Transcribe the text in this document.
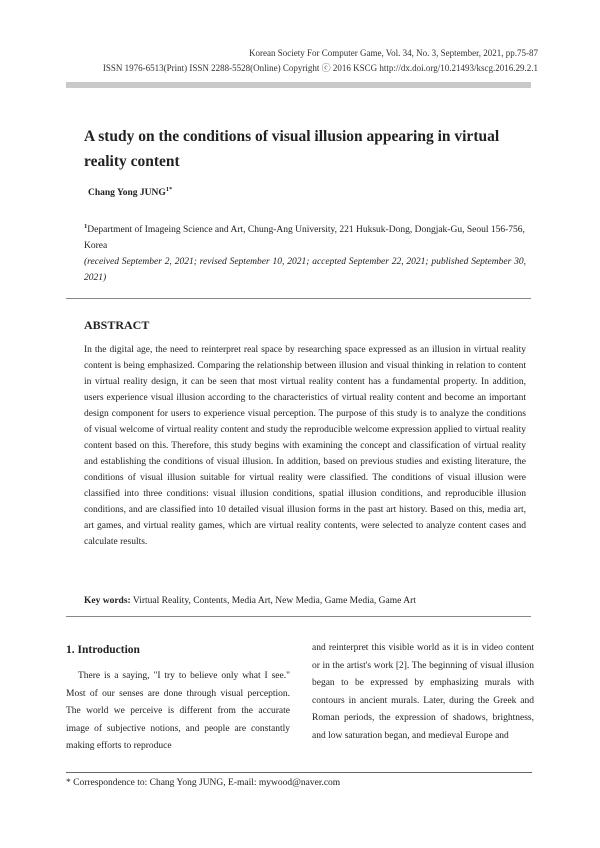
Korean Society For Computer Game, Vol. 34, No. 3, September, 2021, pp.75-87
ISSN 1976-6513(Print) ISSN 2288-5528(Online) Copyright ⓒ 2016 KSCG http://dx.doi.org/10.21493/kscg.2016.29.2.1
A study on the conditions of visual illusion appearing in virtual reality content
Chang Yong $JUNG^{1*}$
$^1$Department of Imageing Science and Art, Chung-Ang University, 221 Huksuk-Dong, Dongjak-Gu, Seoul 156-756, Korea
(received September 2, 2021; revised September 10, 2021; accepted September 22, 2021; published September 30, 2021)
ABSTRACT
In the digital age, the need to reinterpret real space by researching space expressed as an illusion in virtual reality content is being emphasized. Comparing the relationship between illusion and visual thinking in relation to content in virtual reality design, it can be seen that most virtual reality content has a fundamental property. In addition, users experience visual illusion according to the characteristics of virtual reality content and become an important design component for users to experience visual perception. The purpose of this study is to analyze the conditions of visual welcome of virtual reality content and study the reproducible welcome expression applied to virtual reality content based on this. Therefore, this study begins with examining the concept and classification of virtual reality and establishing the conditions of visual illusion. In addition, based on previous studies and existing literature, the conditions of visual illusion suitable for virtual reality were classified. The conditions of visual illusion were classified into three conditions: visual illusion conditions, spatial illusion conditions, and reproducible illusion conditions, and are classified into 10 detailed visual illusion forms in the past art history. Based on this, media art, art games, and virtual reality games, which are virtual reality contents, were selected to analyze content cases and calculate results.
Key words: Virtual Reality, Contents, Media Art, New Media, Game Media, Game Art
1. Introduction
There is a saying, "I try to believe only what I see." Most of our senses are done through visual perception. The world we perceive is different from the accurate image of subjective notions, and people are constantly making efforts to reproduce
and reinterpret this visible world as it is in video content or in the artist's work [2]. The beginning of visual illusion began to be expressed by emphasizing murals with contours in ancient murals. Later, during the Greek and Roman periods, the expression of shadows, brightness, and low saturation began, and medieval Europe and
* Correspondence to: Chang Yong JUNG, E-mail: mywood@naver.com
